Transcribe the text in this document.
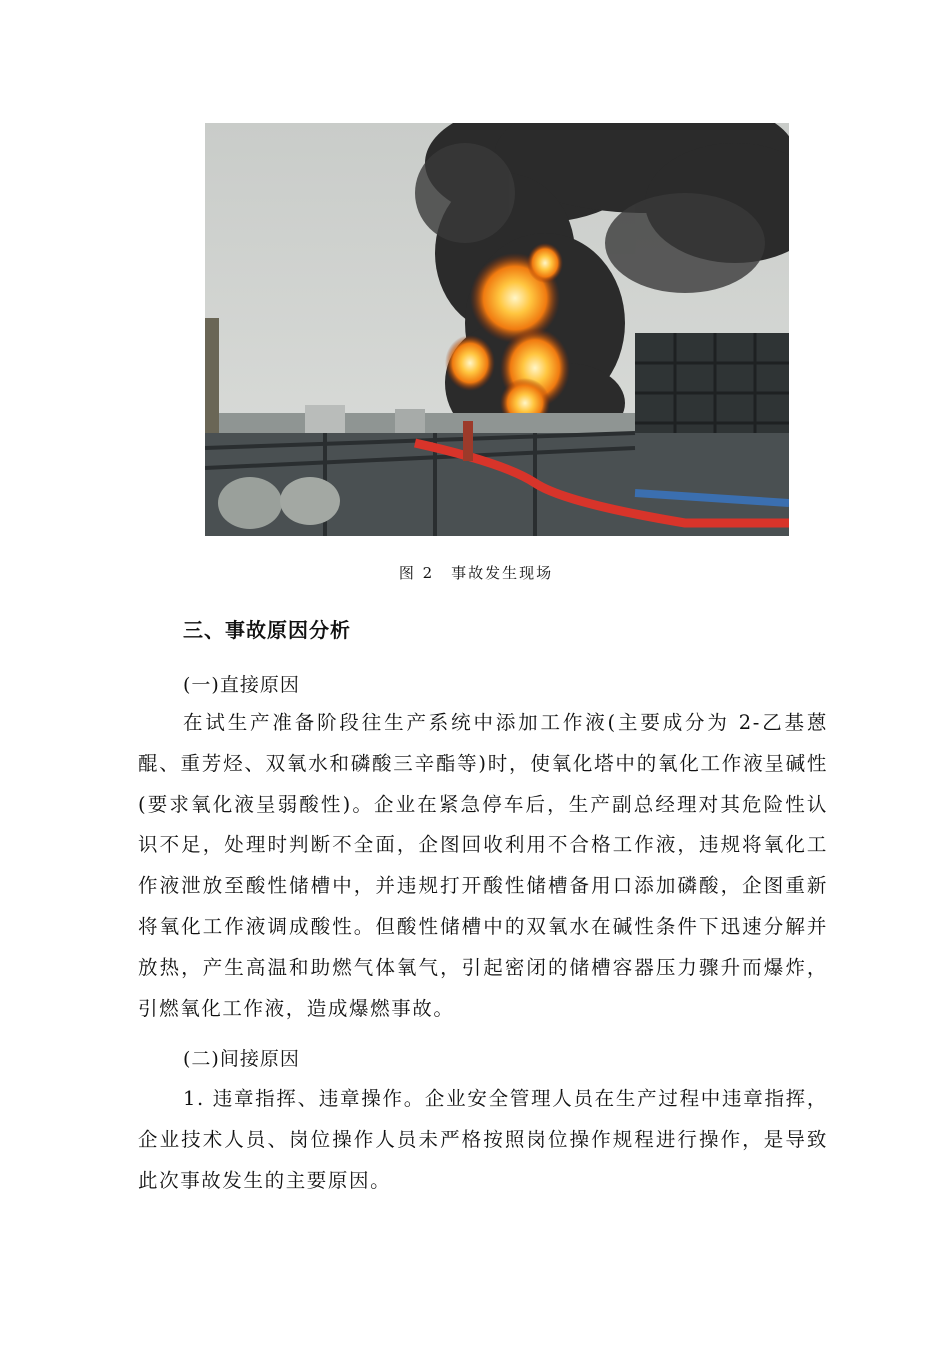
图 2　事故发生现场
三、事故原因分析
(一)直接原因

在试生产准备阶段往生产系统中添加工作液(主要成分为 2-乙基蒽醌、重芳烃、双氧水和磷酸三辛酯等)时，使氧化塔中的氧化工作液呈碱性(要求氧化液呈弱酸性)。企业在紧急停车后，生产副总经理对其危险性认识不足，处理时判断不全面，企图回收利用不合格工作液，违规将氧化工作液泄放至酸性储槽中，并违规打开酸性储槽备用口添加磷酸，企图重新将氧化工作液调成酸性。但酸性储槽中的双氧水在碱性条件下迅速分解并放热，产生高温和助燃气体氧气，引起密闭的储槽容器压力骤升而爆炸，引燃氧化工作液，造成爆燃事故。

(二)间接原因

1. 违章指挥、违章操作。企业安全管理人员在生产过程中违章指挥，企业技术人员、岗位操作人员未严格按照岗位操作规程进行操作，是导致此次事故发生的主要原因。
